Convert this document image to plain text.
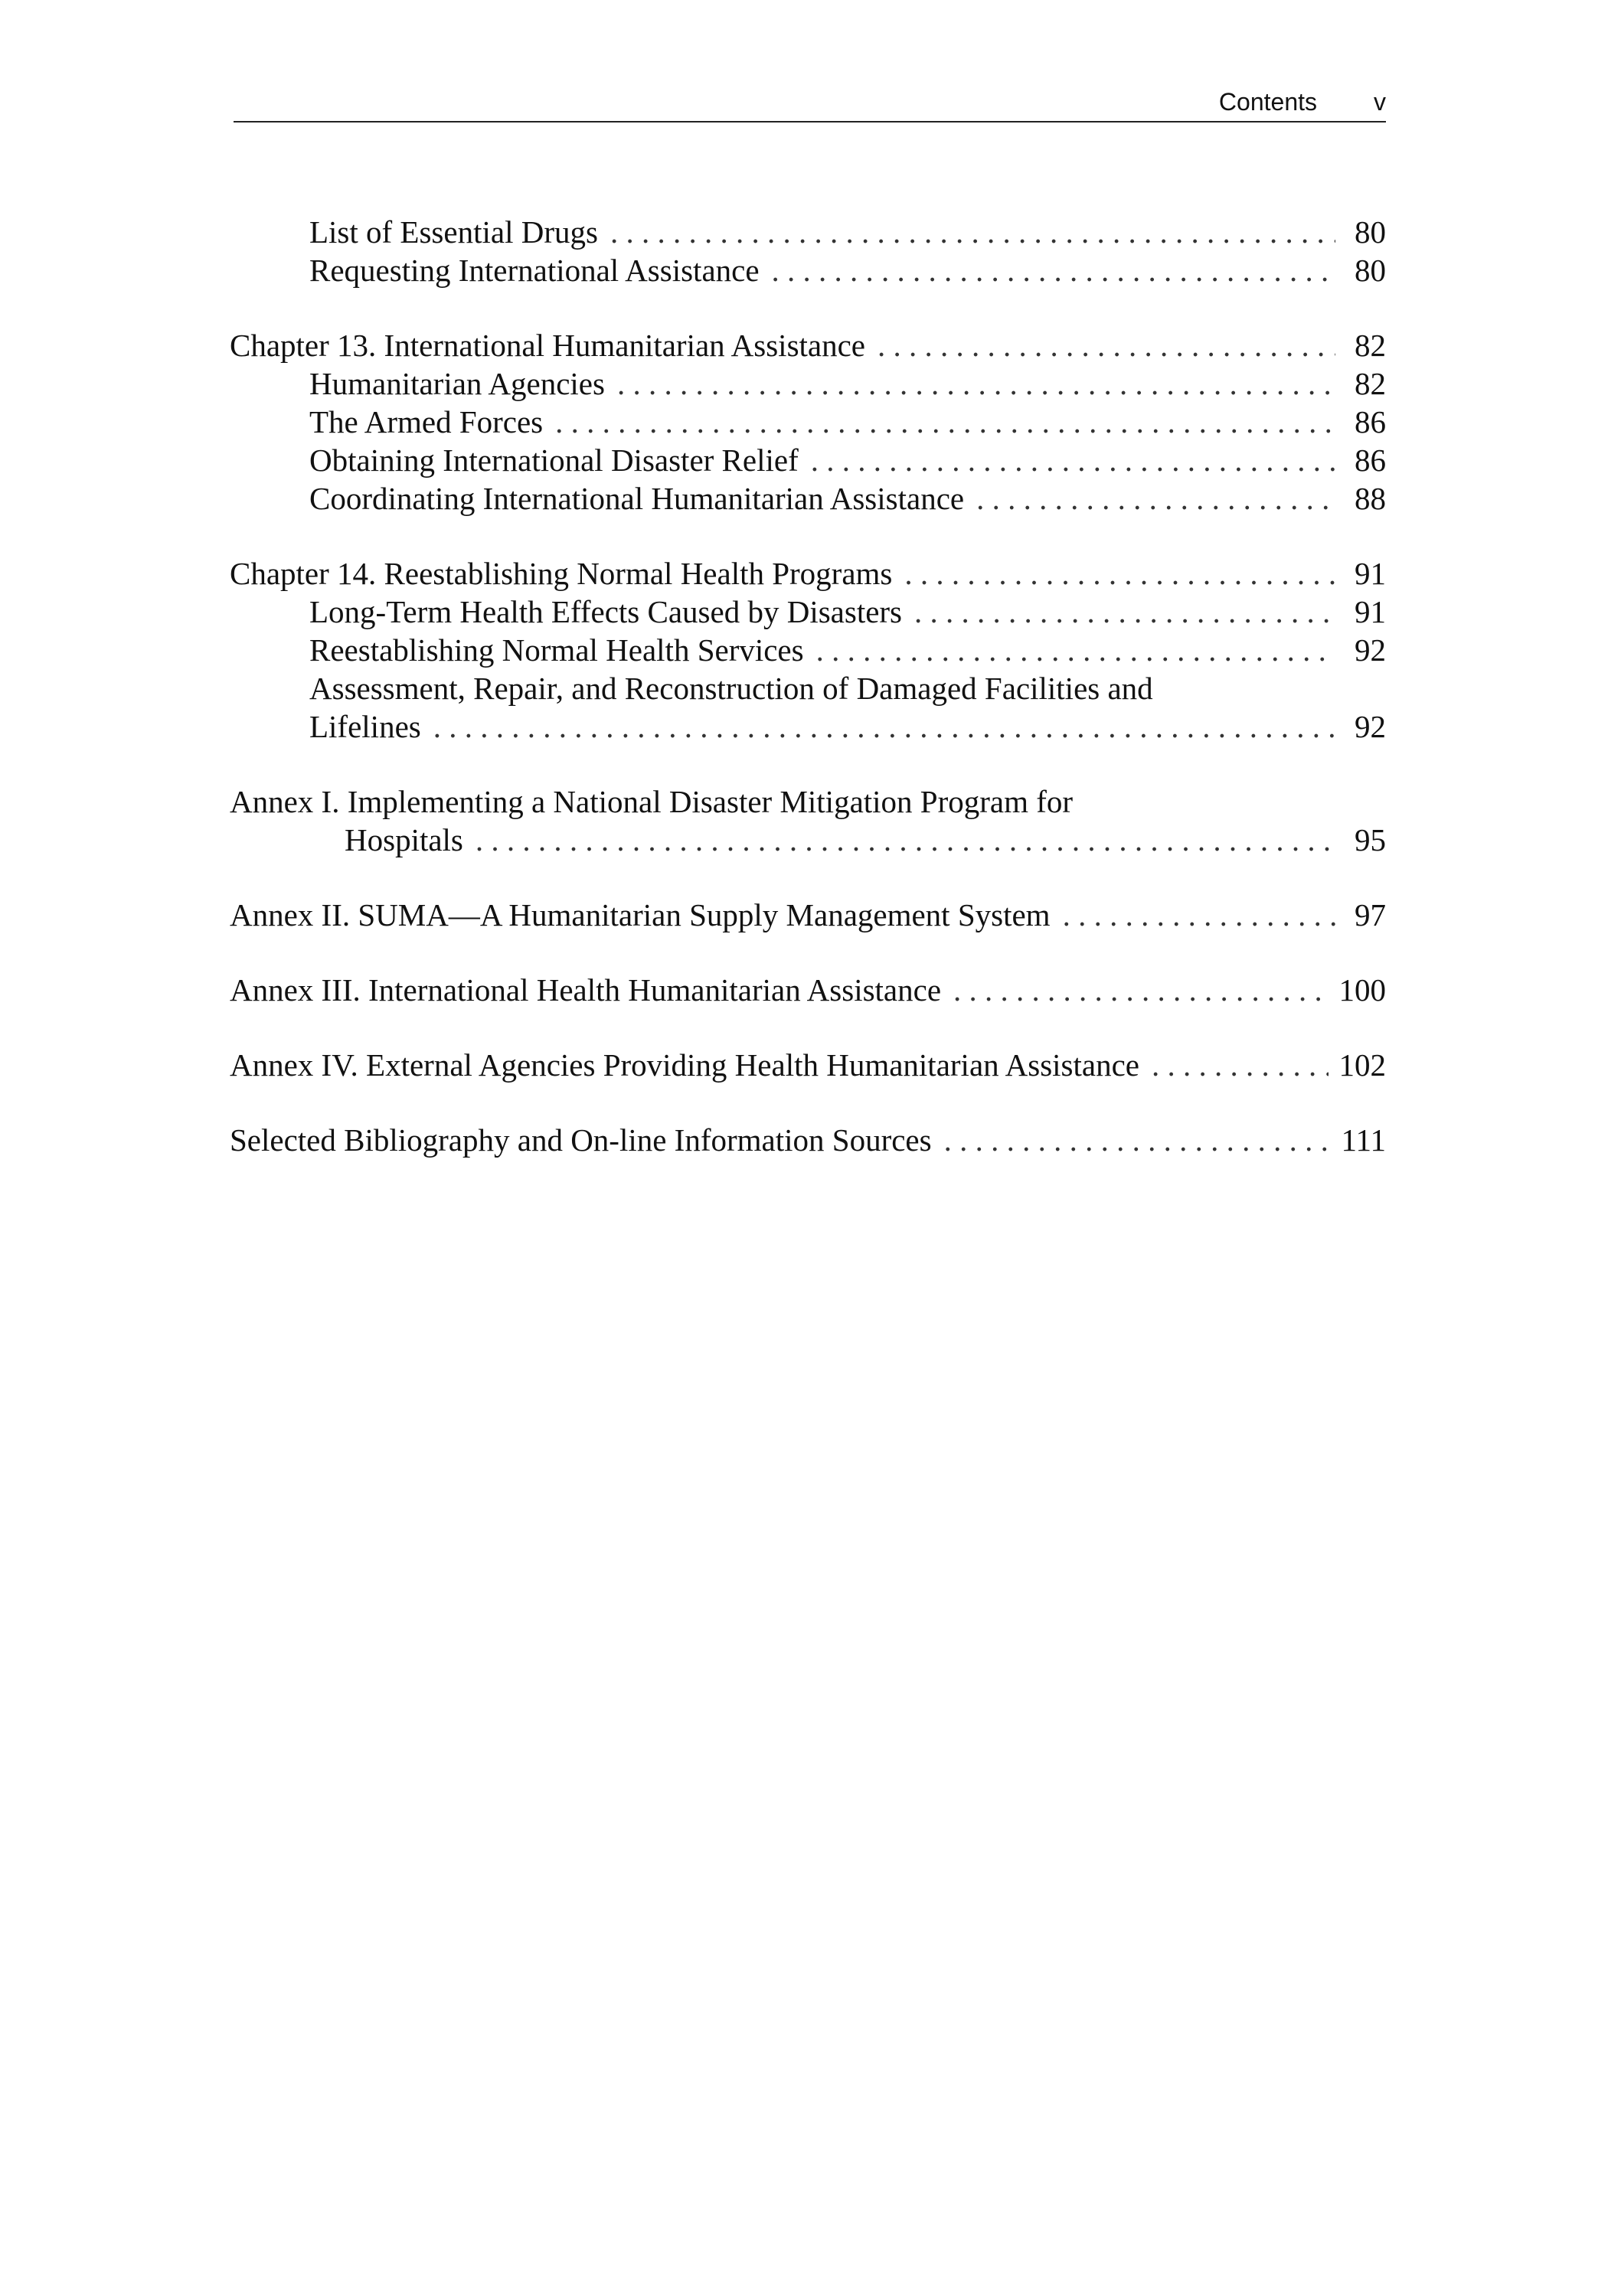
Contents v
List of Essential Drugs . . .	80
Requesting International Assistance . . .	80
Chapter 13. International Humanitarian Assistance . . .	82
Humanitarian Agencies . . .	82
The Armed Forces . . .	86
Obtaining International Disaster Relief . . .	86
Coordinating International Humanitarian Assistance . . .	88
Chapter 14. Reestablishing Normal Health Programs . . .	91
Long-Term Health Effects Caused by Disasters . . .	91
Reestablishing Normal Health Services . . .	92
Assessment, Repair, and Reconstruction of Damaged Facilities and
Lifelines . . .	92
Annex I. Implementing a National Disaster Mitigation Program for
Hospitals . . .	95
Annex II. SUMA—A Humanitarian Supply Management System . . .	97
Annex III. International Health Humanitarian Assistance . . .	100
Annex IV. External Agencies Providing Health Humanitarian Assistance . . .	102
Selected Bibliography and On-line Information Sources . . .	111
